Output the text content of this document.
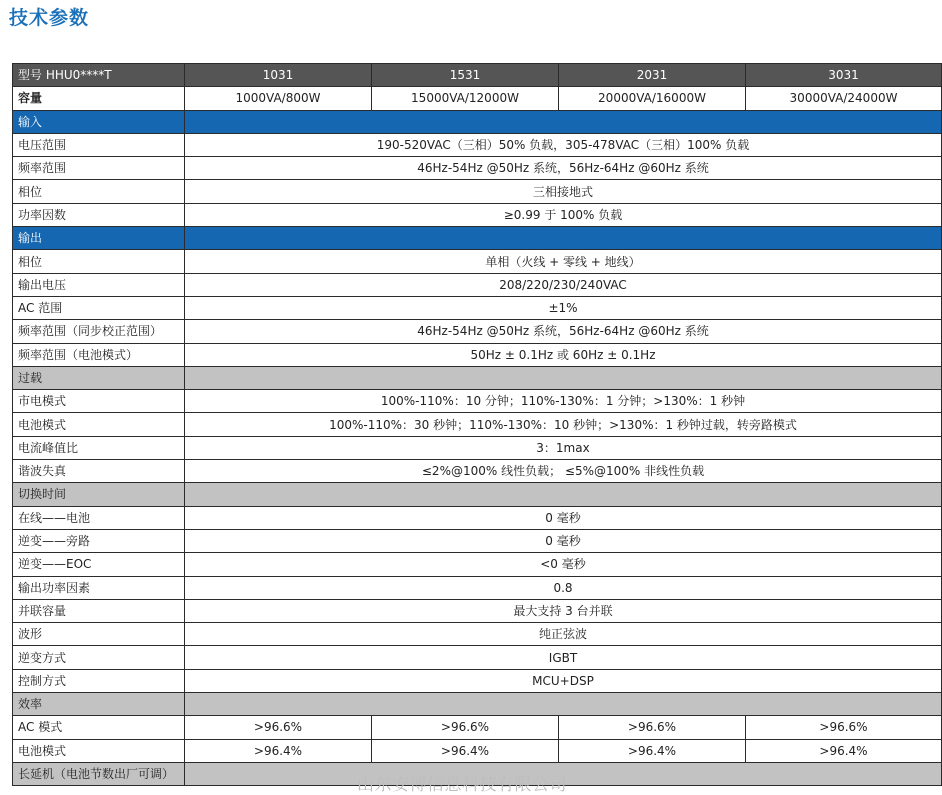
技术参数
型号 HHU0****T	1031	1531	2031	3031
容量	1000VA/800W	15000VA/12000W	20000VA/16000W	30000VA/24000W
输入				
电压范围	190-520VAC（三相）50% 负载，305-478VAC（三相）100% 负载			
频率范围	46Hz-54Hz @50Hz 系统，56Hz-64Hz @60Hz 系统			
相位	三相接地式			
功率因数	≥0.99 于 100% 负载			
输出				
相位	单相（火线 + 零线 + 地线）			
输出电压	208/220/230/240VAC			
AC 范围	±1%			
频率范围（同步校正范围）	46Hz-54Hz @50Hz 系统，56Hz-64Hz @60Hz 系统			
频率范围（电池模式）	50Hz ± 0.1Hz 或 60Hz ± 0.1Hz			
过载				
市电模式	100%-110%：10 分钟；110%-130%：1 分钟；>130%：1 秒钟			
电池模式	100%-110%：30 秒钟；110%-130%：10 秒钟；>130%：1 秒钟过载，转旁路模式			
电流峰值比	3：1max			
谐波失真	≤2%@100% 线性负载； ≤5%@100% 非线性负载			
切换时间				
在线——电池	0 毫秒			
逆变——旁路	0 毫秒			
逆变——EOC	<0 毫秒			
输出功率因素	0.8			
并联容量	最大支持 3 台并联			
波形	纯正弦波			
逆变方式	IGBT			
控制方式	MCU+DSP			
效率				
AC 模式	>96.6%	>96.6%	>96.6%	>96.6%
电池模式	>96.4%	>96.4%	>96.4%	>96.4%
长延机（电池节数出厂可调）				
山东安博信息科技有限公司
